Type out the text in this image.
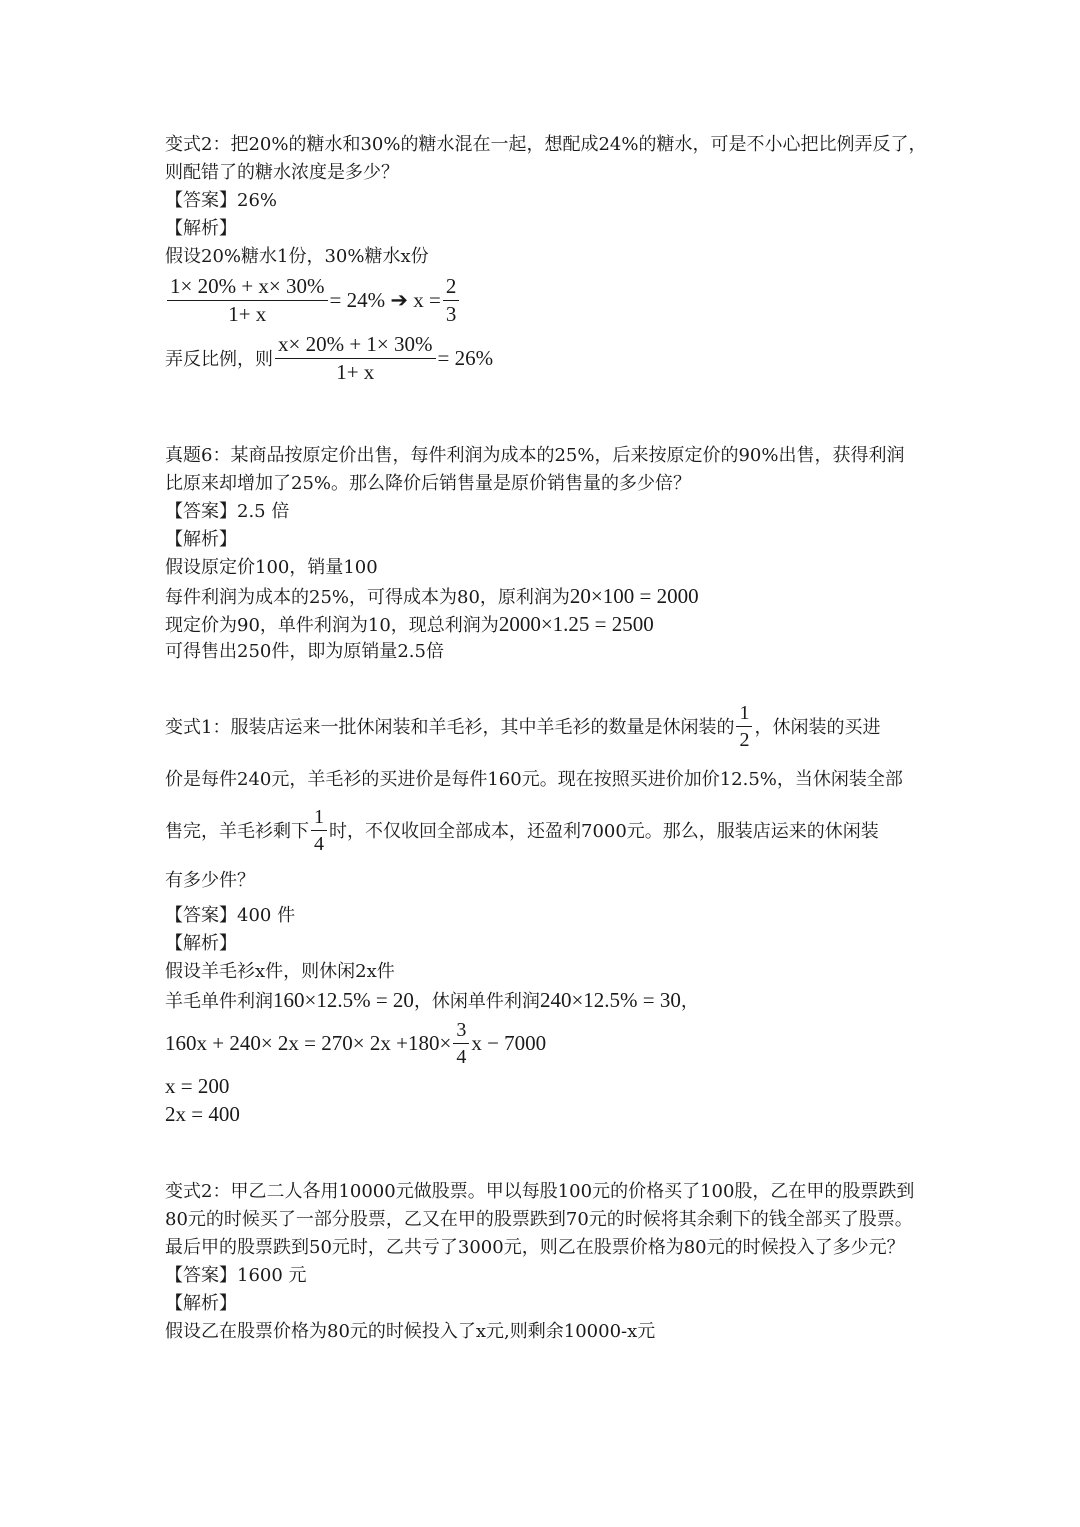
变式2：把20%的糖水和30%的糖水混在一起，想配成24%的糖水，可是不小心把比例弄反了，
则配错了的糖水浓度是多少？
【答案】26%
【解析】
假设20%糖水1份，30%糖水x份
$\frac{1\times 20\% + x\times 30\%}{1+ x} = 24\%$ ➔ $x = \frac{2}{3}$
弄反比例，则 $\frac{x\times 20\% + 1\times 30\%}{1+ x} = 26\%$
真题6：某商品按原定价出售，每件利润为成本的25%，后来按原定价的90%出售，获得利润
比原来却增加了25%。那么降价后销售量是原价销售量的多少倍？
【答案】2.5 倍
【解析】
假设原定价100，销量100
每件利润为成本的25%，可得成本为80，原利润为20×100 = 2000
现定价为90，单件利润为10，现总利润为2000×1.25 = 2500
可得售出250件，即为原销量2.5倍
变式1：服装店运来一批休闲装和羊毛衫，其中羊毛衫的数量是休闲装的 $\frac{1}{2}$ ，休闲装的买进
价是每件240元，羊毛衫的买进价是每件160元。现在按照买进价加价12.5%，当休闲装全部
售完，羊毛衫剩下 $\frac{1}{4}$ 时，不仅收回全部成本，还盈利7000元。那么，服装店运来的休闲装
有多少件？
【答案】400 件
【解析】
假设羊毛衫x件，则休闲2x件
羊毛单件利润160×12.5% = 20，休闲单件利润240×12.5% = 30，
$160x + 240\times 2x = 270\times 2x +180\times \frac{3}{4}$ x − 7000
x = 200
2x = 400
变式2：甲乙二人各用10000元做股票。甲以每股100元的价格买了100股，乙在甲的股票跌到
80元的时候买了一部分股票，乙又在甲的股票跌到70元的时候将其余剩下的钱全部买了股票。
最后甲的股票跌到50元时，乙共亏了3000元，则乙在股票价格为80元的时候投入了多少元？
【答案】1600 元
【解析】
假设乙在股票价格为80元的时候投入了x元,则剩余10000-x元
